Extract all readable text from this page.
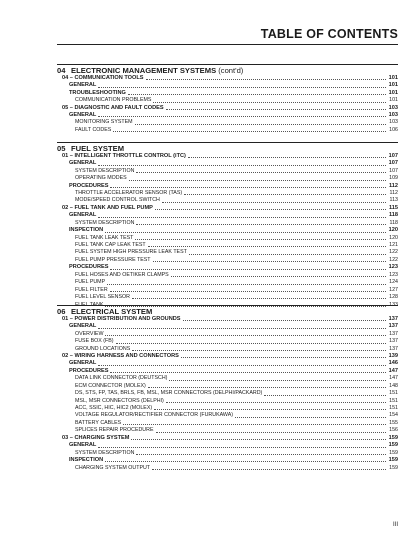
TABLE OF CONTENTS
04 ELECTRONIC MANAGEMENT SYSTEMS (cont'd)
04 – COMMUNICATION TOOLS	101
GENERAL	101
TROUBLESHOOTING	101
COMMUNICATION PROBLEMS	101
05 – DIAGNOSTIC AND FAULT CODES	103
GENERAL	103
MONITORING SYSTEM	103
FAULT CODES	106
05 FUEL SYSTEM
01 – INTELLIGENT THROTTLE CONTROL (iTC)	107
GENERAL	107
SYSTEM DESCRIPTION	107
OPERATING MODES	109
PROCEDURES	112
THROTTLE ACCELERATOR SENSOR (TAS)	112
MODE/SPEED CONTROL SWITCH	113
02 – FUEL TANK AND FUEL PUMP	115
GENERAL	118
SYSTEM DESCRIPTION	118
INSPECTION	120
FUEL TANK LEAK TEST	120
FUEL TANK CAP LEAK TEST	121
FUEL SYSTEM HIGH PRESSURE LEAK TEST	122
FUEL PUMP PRESSURE TEST	122
PROCEDURES	123
FUEL HOSES AND OETIKER CLAMPS	123
FUEL PUMP	124
FUEL FILTER	127
FUEL LEVEL SENSOR	128
FUEL TANK	133
06 ELECTRICAL SYSTEM
01 – POWER DISTRIBUTION AND GROUNDS	137
GENERAL	137
OVERVIEW	137
FUSE BOX (FB)	137
GROUND LOCATIONS	137
02 – WIRING HARNESS AND CONNECTORS	139
GENERAL	146
PROCEDURES	147
DATA LINK CONNECTOR (DEUTSCH)	147
ECM CONNECTOR (MOLEX)	148
DS, STS, FP, TAS, BRLS, FB, MSL, MSR CONNECTORS (DELPHI/PACKARD)	151
MSL, MSR CONNECTORS (DELPHI)	151
ACC, SSIC, HIC, HIC2 (MOLEX)	151
VOLTAGE REGULATOR/RECTIFIER CONNECTOR (FURUKAWA)	154
BATTERY CABLES	155
SPLICES REPAIR PROCEDURE	156
03 – CHARGING SYSTEM	159
GENERAL	159
SYSTEM DESCRIPTION	159
INSPECTION	159
CHARGING SYSTEM OUTPUT	159
III
